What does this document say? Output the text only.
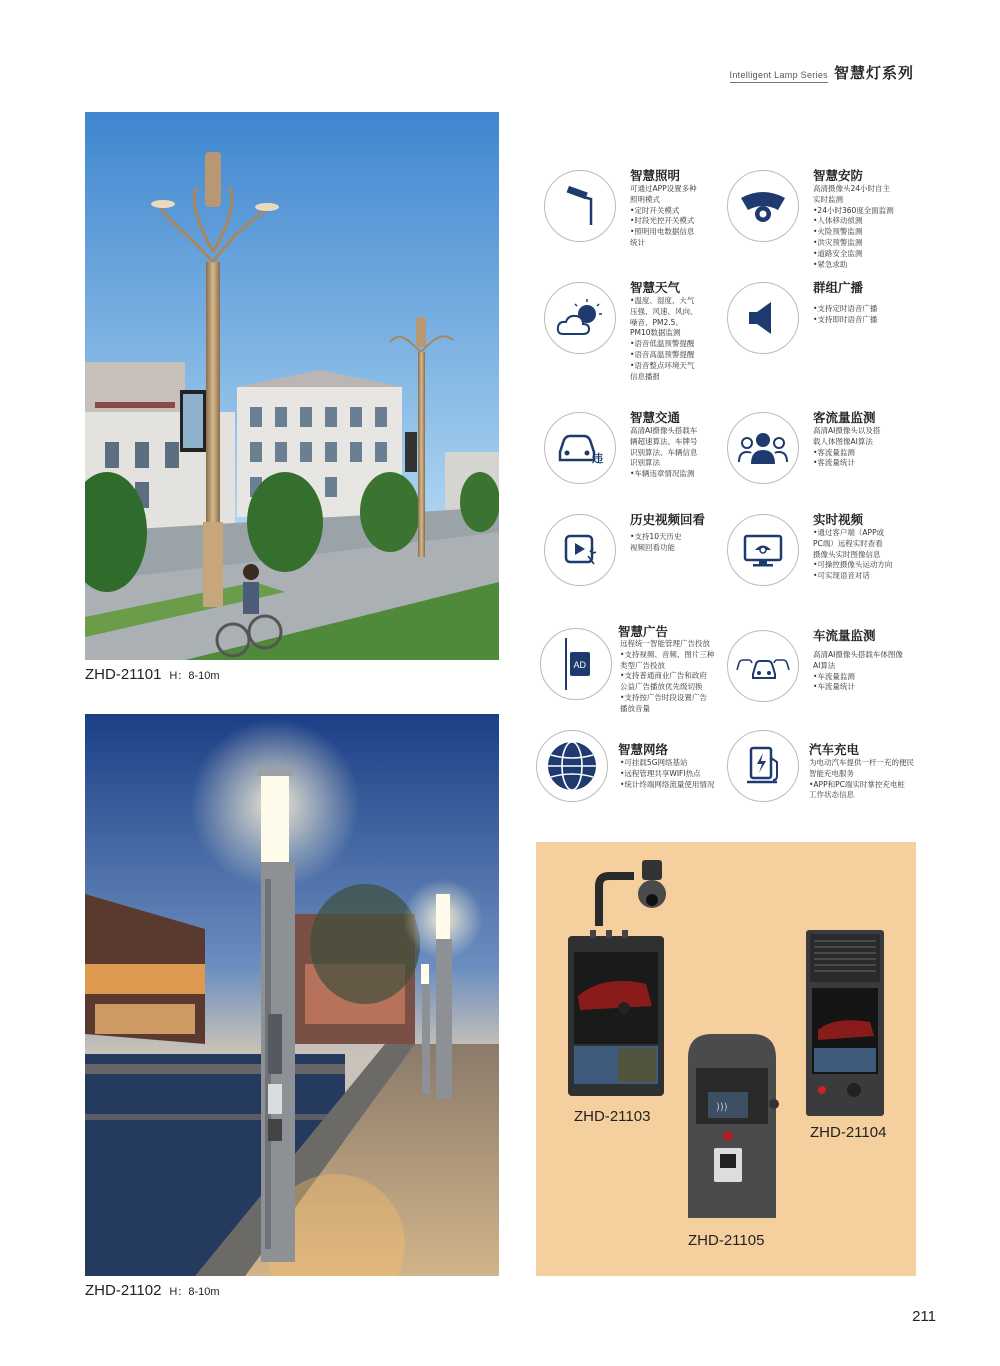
Intelligent Lamp Series 智慧灯系列
ZHD-21101 H：8-10m
ZHD-21102 H：8-10m
智慧照明
可通过APP设置多种
照明模式
•定时开关模式
•时段光控开关模式
•照明用电数据信息
统计
智慧安防
高清摄像头24小时自主
实时监测
•24小时360度全面监测
•人体移动侦测
•火险预警监测
•洪灾预警监测
•道路安全监测
•紧急求助
智慧天气
•温度、湿度、大气
压强、风速、风向、
噪音、PM2.5、
PM10数据监测
•语音低温预警提醒
•语音高温预警提醒
•语音整点环境天气
信息播报
群组广播
•支持定时语音广播
•支持即时语音广播
违
智慧交通
高清AI摄像头搭载车
辆超速算法、车牌号
识别算法、车辆信息
识别算法
•车辆违章情况监测
客流量监测
高清AI摄像头以及搭
载人体图像AI算法
•客流量监测
•客流量统计
历史视频回看
•支持10天历史
视频回看功能
实时视频
•通过客户端（APP或
PC端）远程实时查看
摄像头实时图像信息
•可操控摄像头运动方向
•可实现语音对话
AD
智慧广告
远程统一智能管理广告投放
•支持视频、音频、图片三种
类型广告投放
•支持普通商业广告和政府
公益广告播放优先级切换
•支持按广告时段设置广告
播放音量
车流量监测
高清AI摄像头搭载车体图像
AI算法
•车流量监测
•车流量统计
智慧网络
•可挂载5G网络基站
•远程管理共享WIFI热点
•统计终端网络流量使用情况
汽车充电
为电动汽车提供一杆一充的便民
智能充电服务
•APP和PC端实时掌控充电桩
工作状态信息
ZHD-21103
ZHD-21104
)))
ZHD-21105
211
